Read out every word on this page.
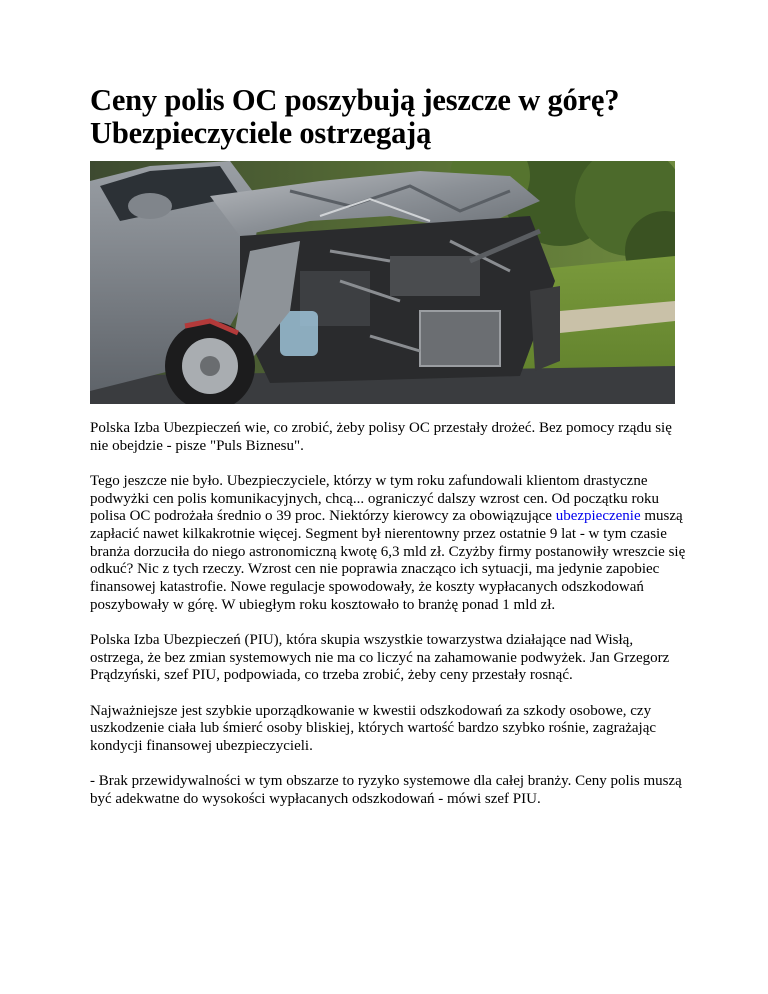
Ceny polis OC poszybują jeszcze w górę?
Ubezpieczyciele ostrzegają

Polska Izba Ubezpieczeń wie, co zrobić, żeby polisy OC przestały drożeć. Bez pomocy rządu się nie obejdzie - pisze "Puls Biznesu".

Tego jeszcze nie było. Ubezpieczyciele, którzy w tym roku zafundowali klientom drastyczne podwyżki cen polis komunikacyjnych, chcą... ograniczyć dalszy wzrost cen. Od początku roku polisa OC podrożała średnio o 39 proc. Niektórzy kierowcy za obowiązujące ubezpieczenie muszą zapłacić nawet kilkakrotnie więcej. Segment był nierentowny przez ostatnie 9 lat - w tym czasie branża dorzuciła do niego astronomiczną kwotę 6,3 mld zł. Czyżby firmy postanowiły wreszcie się odkuć? Nic z tych rzeczy. Wzrost cen nie poprawia znacząco ich sytuacji, ma jedynie zapobiec finansowej katastrofie. Nowe regulacje spowodowały, że koszty wypłacanych odszkodowań poszybowały w górę. W ubiegłym roku kosztowało to branżę ponad 1 mld zł.

Polska Izba Ubezpieczeń (PIU), która skupia wszystkie towarzystwa działające nad Wisłą, ostrzega, że bez zmian systemowych nie ma co liczyć na zahamowanie podwyżek. Jan Grzegorz Prądzyński, szef PIU, podpowiada, co trzeba zrobić, żeby ceny przestały rosnąć.

Najważniejsze jest szybkie uporządkowanie w kwestii odszkodowań za szkody osobowe, czy uszkodzenie ciała lub śmierć osoby bliskiej, których wartość bardzo szybko rośnie, zagrażając kondycji finansowej ubezpieczycieli.

- Brak przewidywalności w tym obszarze to ryzyko systemowe dla całej branży. Ceny polis muszą być adekwatne do wysokości wypłacanych odszkodowań - mówi szef PIU.
